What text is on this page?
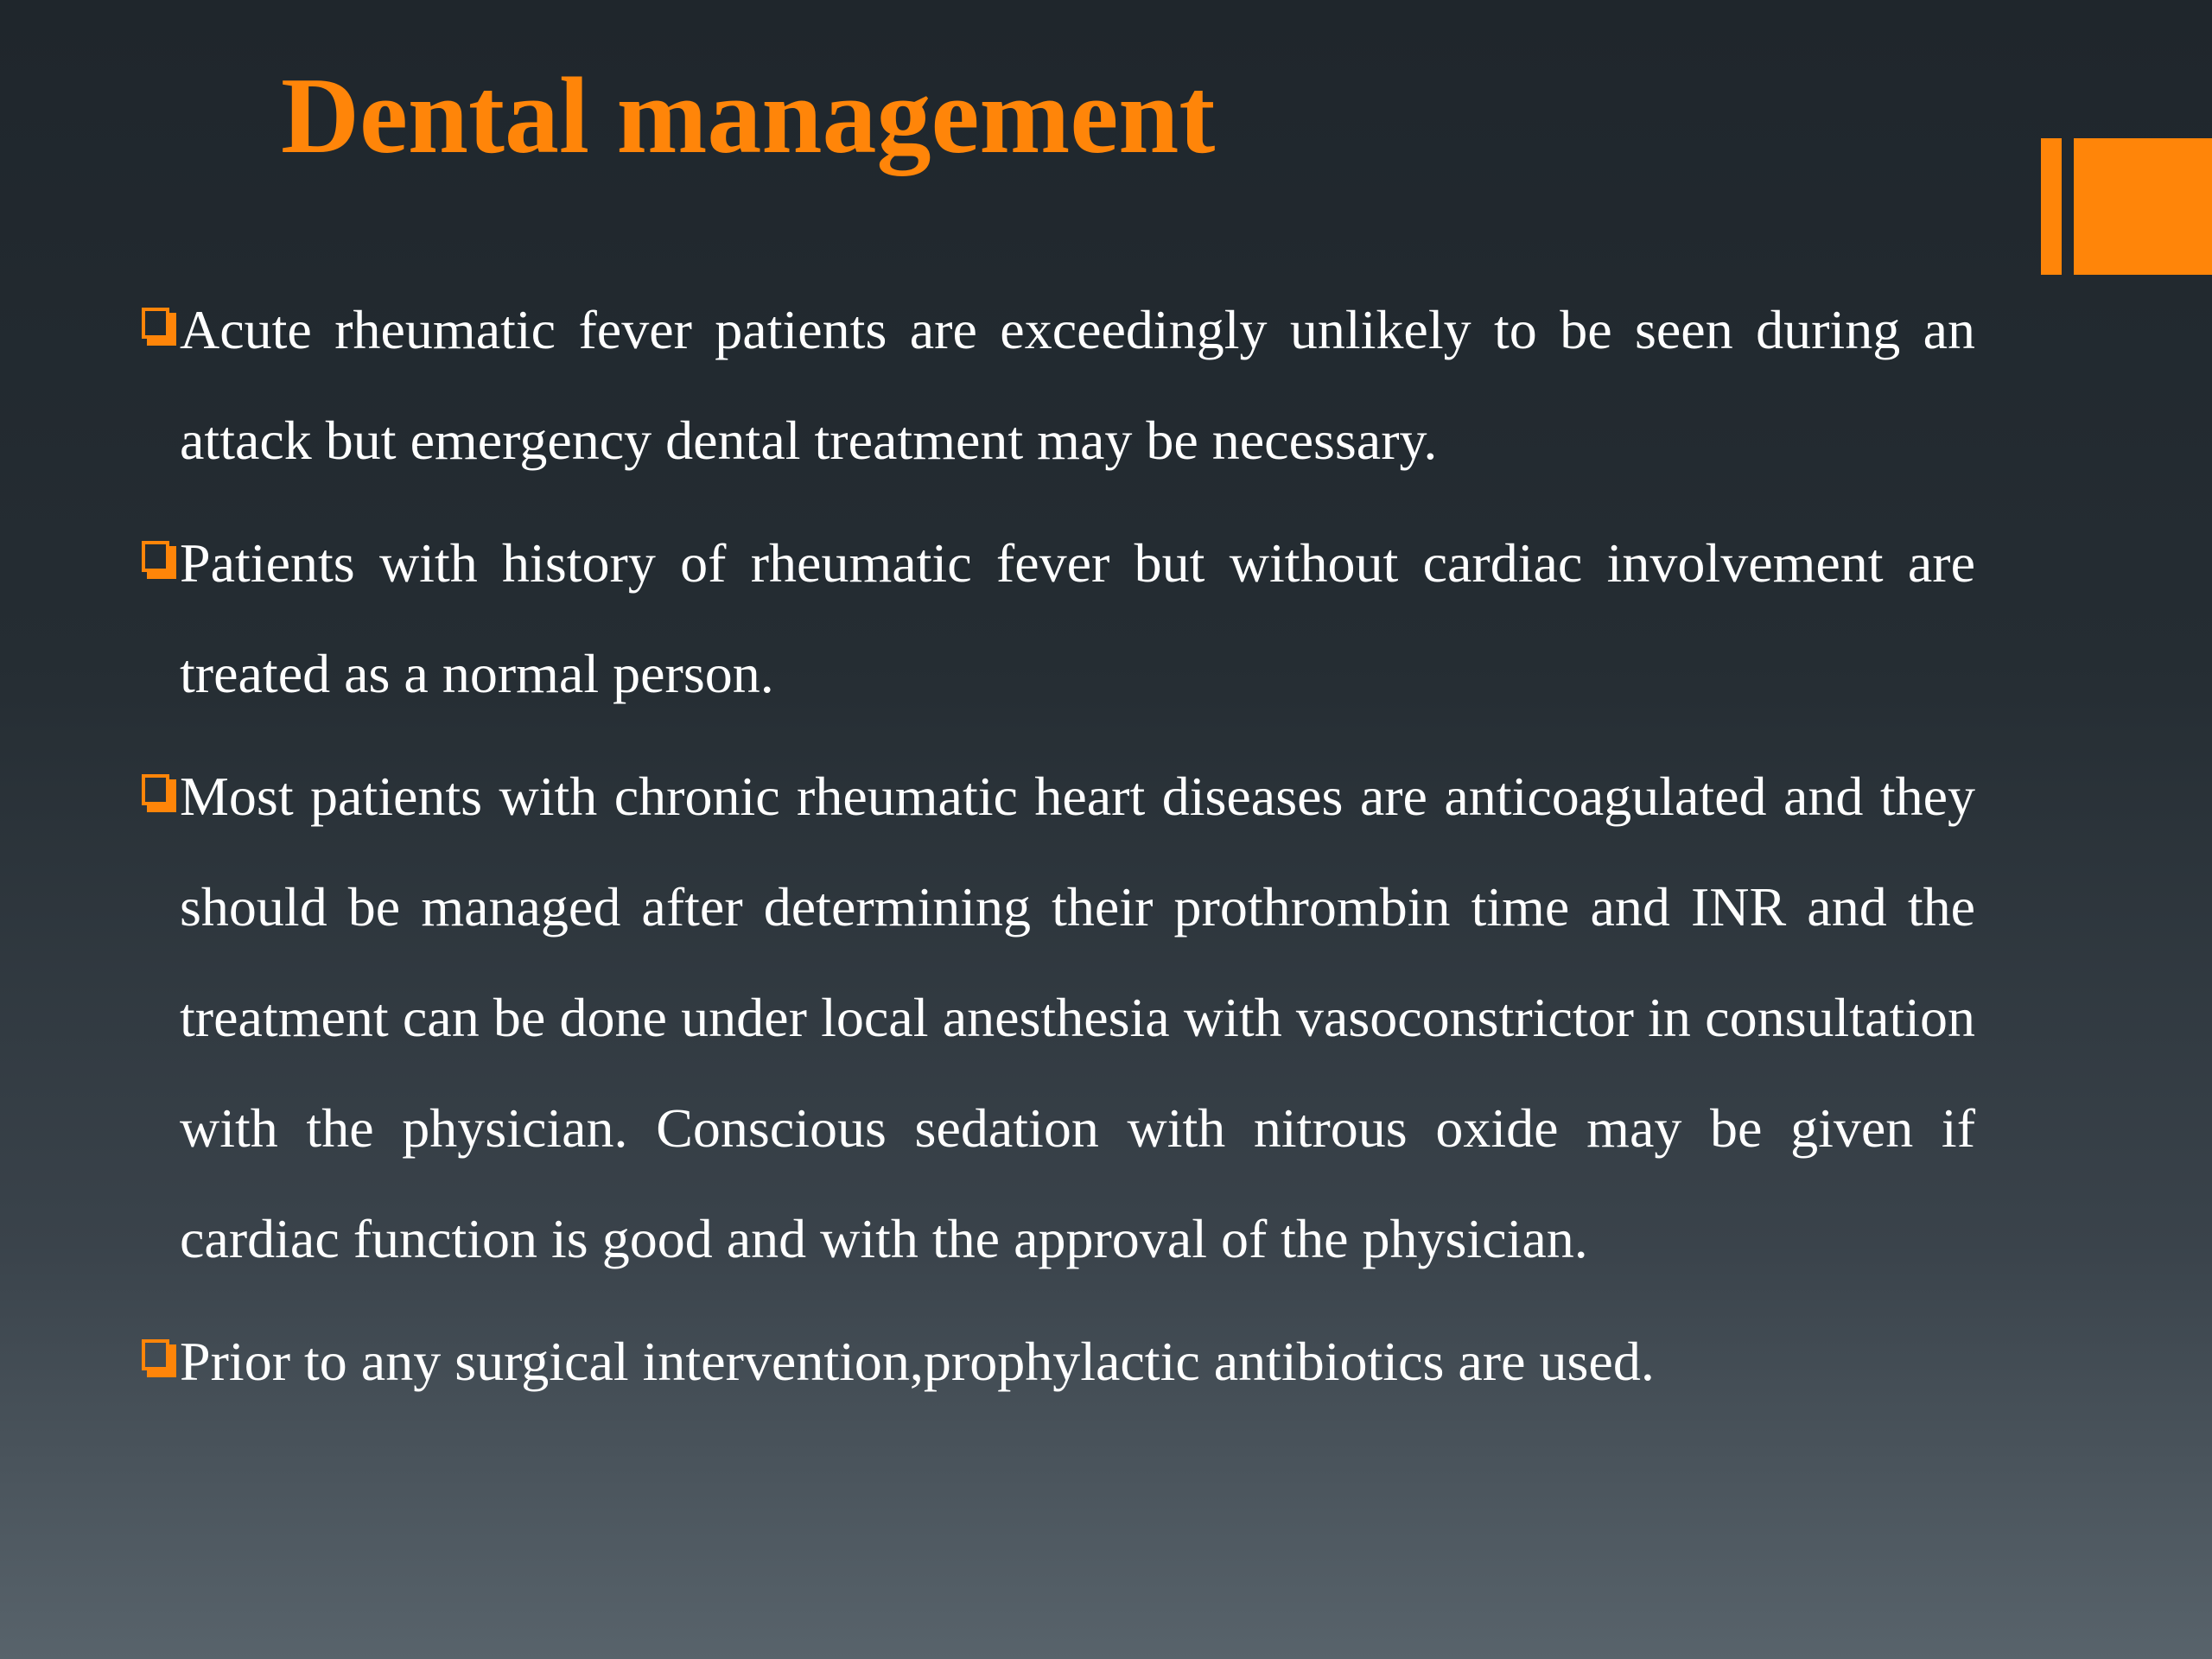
Dental management

Acute rheumatic fever patients are exceedingly unlikely to be seen during an attack but emergency dental treatment may be necessary.

Patients with history of rheumatic fever but without cardiac involvement are treated as a normal person.

Most patients with chronic rheumatic heart diseases are anticoagulated and they should be managed after determining their prothrombin time and INR and the treatment can be done under local anesthesia with vasoconstrictor in consultation with the physician. Conscious sedation with nitrous oxide may be given if cardiac function is good and with the approval of the physician.

Prior to any surgical intervention,prophylactic antibiotics are used.
